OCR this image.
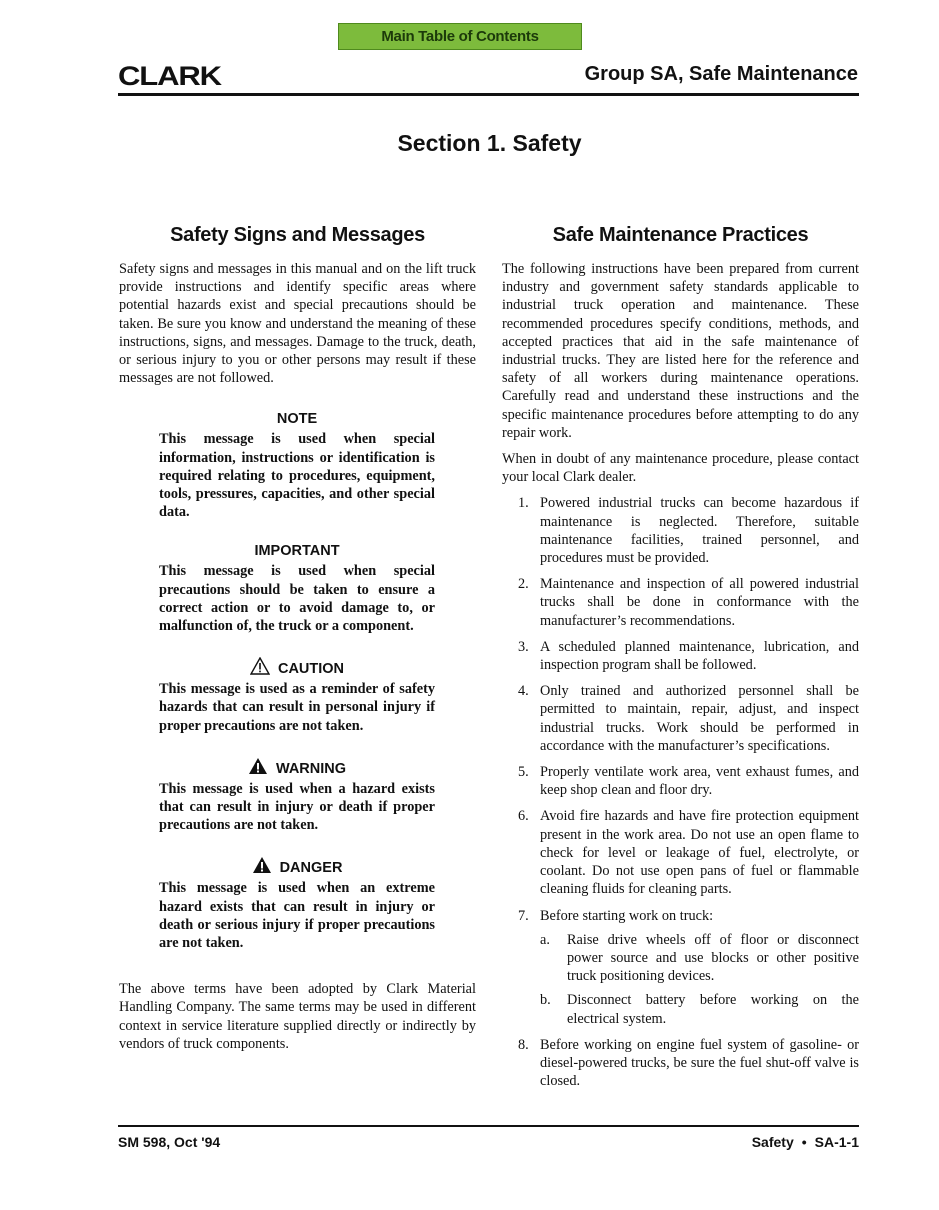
Main Table of Contents
CLARK	Group SA, Safe Maintenance
Section 1. Safety
Safety Signs and Messages

Safety signs and messages in this manual and on the lift truck provide instructions and identify specific areas where potential hazards exist and special precautions should be taken. Be sure you know and understand the meaning of these instructions, signs, and messages. Damage to the truck, death, or serious injury to you or other persons may result if these messages are not followed.

NOTE

This message is used when special information, instructions or identification is required relating to procedures, equipment, tools, pressures, capacities, and other special data.

IMPORTANT

This message is used when special precautions should be taken to ensure a correct action or to avoid damage to, or malfunction of, the truck or a component.

CAUTION

This message is used as a reminder of safety hazards that can result in personal injury if proper precautions are not taken.

WARNING

This message is used when a hazard exists that can result in injury or death if proper precautions are not taken.

DANGER

This message is used when an extreme hazard exists that can result in injury or death or serious injury if proper precautions are not taken.

The above terms have been adopted by Clark Material Handling Company. The same terms may be used in different context in service literature supplied directly or indirectly by vendors of truck components.

Safe Maintenance Practices

The following instructions have been prepared from current industry and government safety standards applicable to industrial truck operation and maintenance. These recommended procedures specify conditions, methods, and accepted practices that aid in the safe maintenance of industrial trucks. They are listed here for the reference and safety of all workers during maintenance operations. Carefully read and understand these instructions and the specific maintenance procedures before attempting to do any repair work.

When in doubt of any maintenance procedure, please contact your local Clark dealer.

1. Powered industrial trucks can become hazardous if maintenance is neglected. Therefore, suitable maintenance facilities, trained personnel, and procedures must be provided.
2. Maintenance and inspection of all powered industrial trucks shall be done in conformance with the manufacturer’s recommendations.
3. A scheduled planned maintenance, lubrication, and inspection program shall be followed.
4. Only trained and authorized personnel shall be permitted to maintain, repair, adjust, and inspect industrial trucks. Work should be performed in accordance with the manufacturer’s specifications.
5. Properly ventilate work area, vent exhaust fumes, and keep shop clean and floor dry.
6. Avoid fire hazards and have fire protection equipment present in the work area. Do not use an open flame to check for level or leakage of fuel, electrolyte, or coolant. Do not use open pans of fuel or flammable cleaning fluids for cleaning parts.
7. Before starting work on truck:
a. Raise drive wheels off of floor or disconnect power source and use blocks or other positive truck positioning devices.
b. Disconnect battery before working on the electrical system.
8. Before working on engine fuel system of gasoline- or diesel-powered trucks, be sure the fuel shut-off valve is closed.
SM 598, Oct '94	Safety • SA-1-1
